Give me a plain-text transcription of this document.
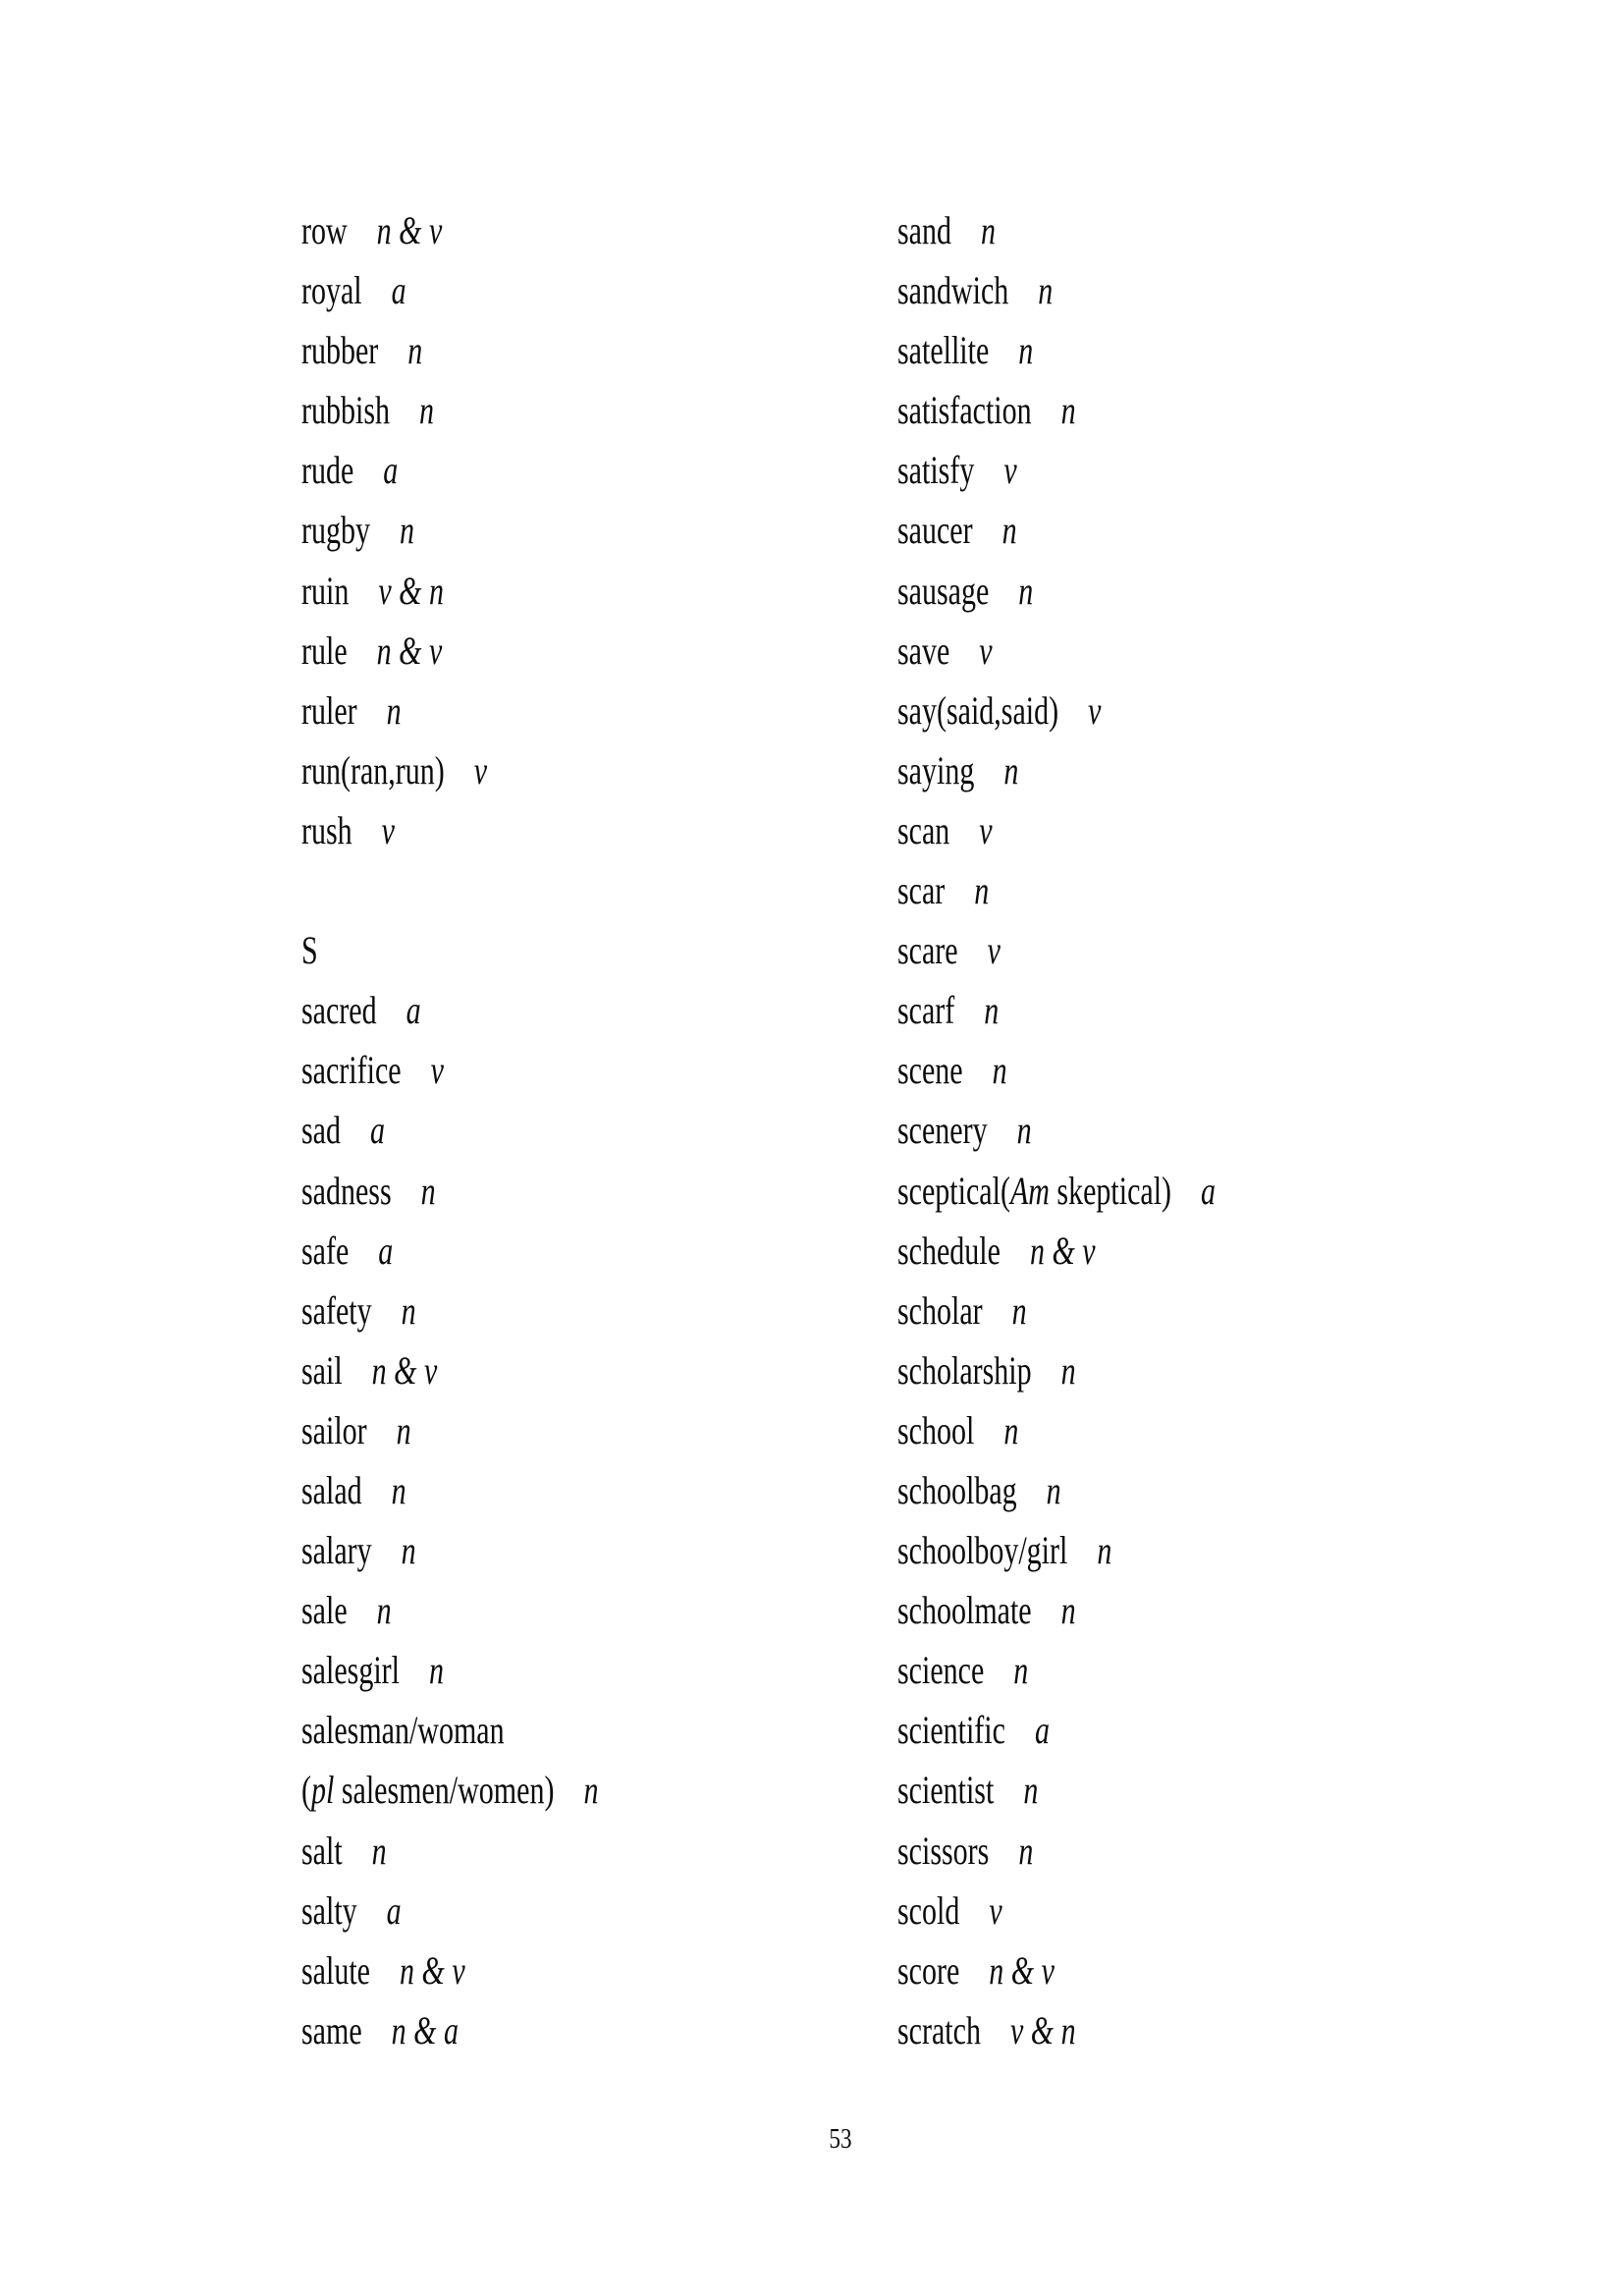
row n & v
royal a
rubber n
rubbish n
rude a
rugby n
ruin v & n
rule n & v
ruler n
run(ran,run) v
rush v
S
sacred a
sacrifice v
sad a
sadness n
safe a
safety n
sail n & v
sailor n
salad n
salary n
sale n
salesgirl n
salesman/woman
(pl salesmen/women) n
salt n
salty a
salute n & v
same n & a
sand n
sandwich n
satellite n
satisfaction n
satisfy v
saucer n
sausage n
save v
say(said,said) v
saying n
scan v
scar n
scare v
scarf n
scene n
scenery n
sceptical(Am skeptical) a
schedule n & v
scholar n
scholarship n
school n
schoolbag n
schoolboy/girl n
schoolmate n
science n
scientific a
scientist n
scissors n
scold v
score n & v
scratch v & n
53
